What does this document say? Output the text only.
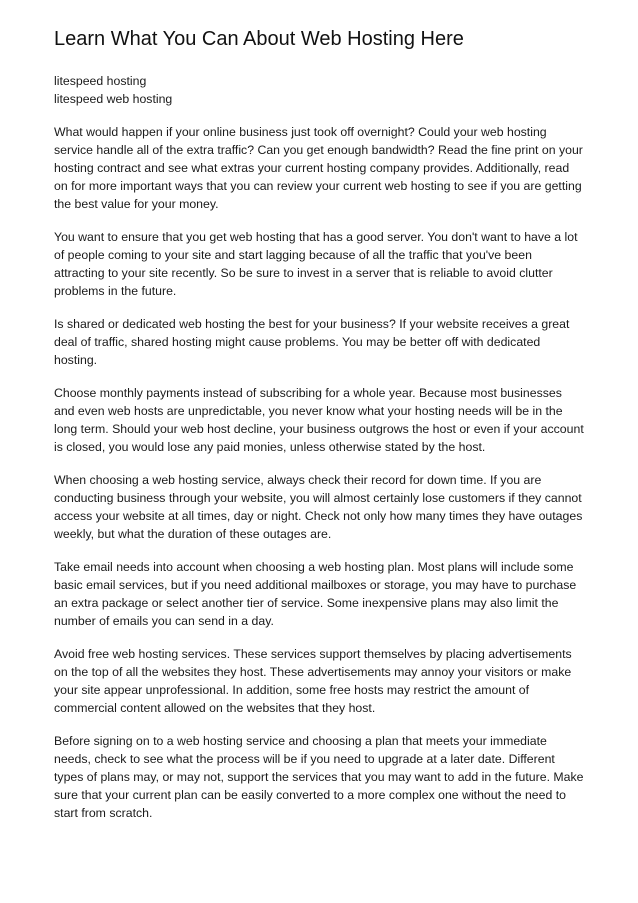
Learn What You Can About Web Hosting Here
litespeed hosting
litespeed web hosting

What would happen if your online business just took off overnight? Could your web hosting service handle all of the extra traffic? Can you get enough bandwidth? Read the fine print on your hosting contract and see what extras your current hosting company provides. Additionally, read on for more important ways that you can review your current web hosting to see if you are getting the best value for your money.

You want to ensure that you get web hosting that has a good server. You don't want to have a lot of people coming to your site and start lagging because of all the traffic that you've been attracting to your site recently. So be sure to invest in a server that is reliable to avoid clutter problems in the future.

Is shared or dedicated web hosting the best for your business? If your website receives a great deal of traffic, shared hosting might cause problems. You may be better off with dedicated hosting.

Choose monthly payments instead of subscribing for a whole year. Because most businesses and even web hosts are unpredictable, you never know what your hosting needs will be in the long term. Should your web host decline, your business outgrows the host or even if your account is closed, you would lose any paid monies, unless otherwise stated by the host.

When choosing a web hosting service, always check their record for down time. If you are conducting business through your website, you will almost certainly lose customers if they cannot access your website at all times, day or night. Check not only how many times they have outages weekly, but what the duration of these outages are.

Take email needs into account when choosing a web hosting plan. Most plans will include some basic email services, but if you need additional mailboxes or storage, you may have to purchase an extra package or select another tier of service. Some inexpensive plans may also limit the number of emails you can send in a day.

Avoid free web hosting services. These services support themselves by placing advertisements on the top of all the websites they host. These advertisements may annoy your visitors or make your site appear unprofessional. In addition, some free hosts may restrict the amount of commercial content allowed on the websites that they host.

Before signing on to a web hosting service and choosing a plan that meets your immediate needs, check to see what the process will be if you need to upgrade at a later date. Different types of plans may, or may not, support the services that you may want to add in the future. Make sure that your current plan can be easily converted to a more complex one without the need to start from scratch.
